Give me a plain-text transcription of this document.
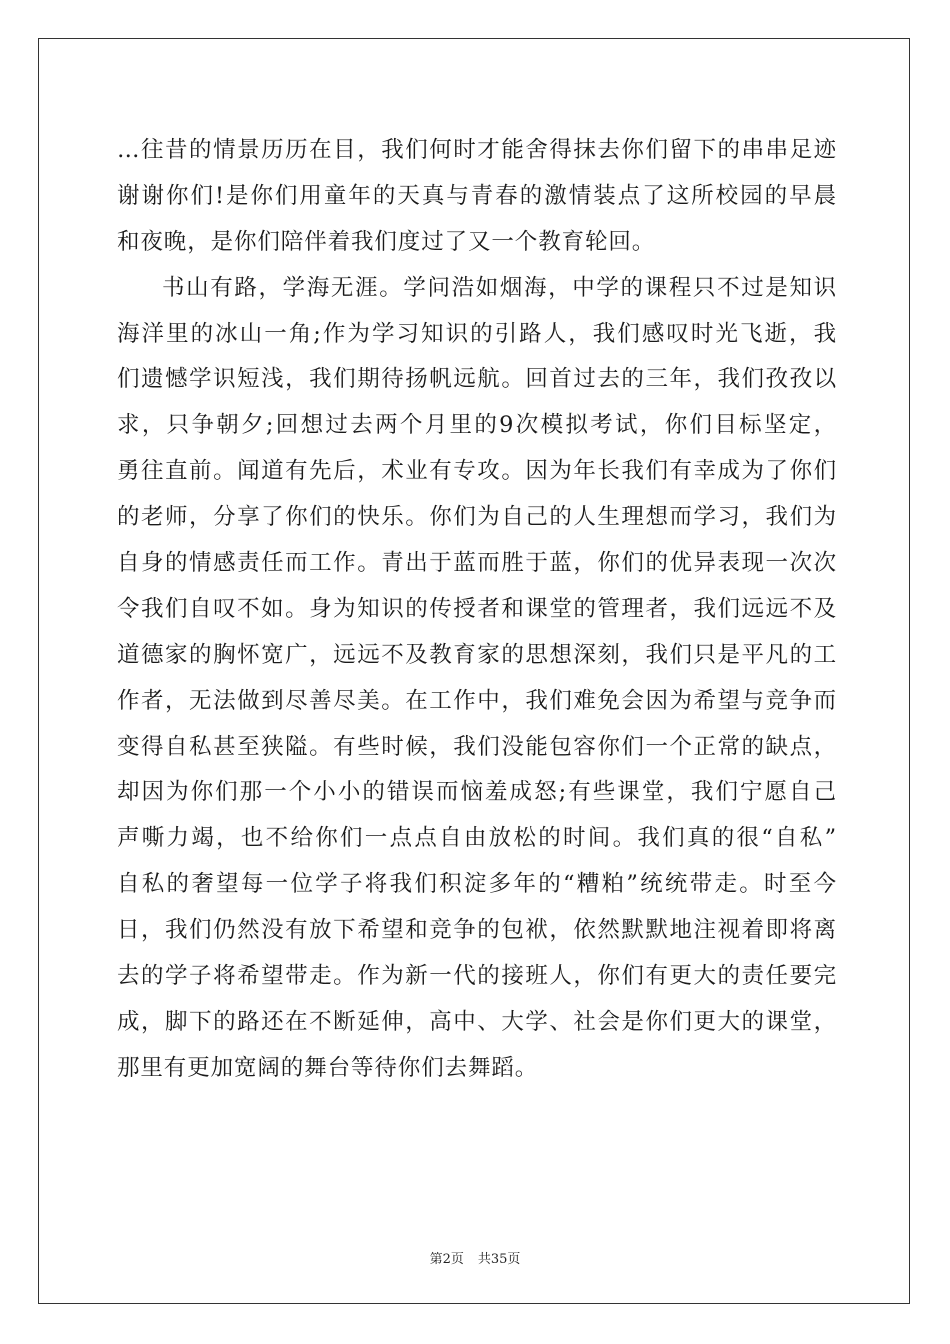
…往昔的情景历历在目，我们何时才能舍得抹去你们留下的串串足迹
谢谢你们!是你们用童年的天真与青春的激情装点了这所校园的早晨
和夜晚，是你们陪伴着我们度过了又一个教育轮回。
书山有路，学海无涯。学问浩如烟海，中学的课程只不过是知识
海洋里的冰山一角;作为学习知识的引路人，我们感叹时光飞逝，我
们遗憾学识短浅，我们期待扬帆远航。回首过去的三年，我们孜孜以
求，只争朝夕;回想过去两个月里的9次模拟考试，你们目标坚定，
勇往直前。闻道有先后，术业有专攻。因为年长我们有幸成为了你们
的老师，分享了你们的快乐。你们为自己的人生理想而学习，我们为
自身的情感责任而工作。青出于蓝而胜于蓝，你们的优异表现一次次
令我们自叹不如。身为知识的传授者和课堂的管理者，我们远远不及
道德家的胸怀宽广，远远不及教育家的思想深刻，我们只是平凡的工
作者，无法做到尽善尽美。在工作中，我们难免会因为希望与竞争而
变得自私甚至狭隘。有些时候，我们没能包容你们一个正常的缺点，
却因为你们那一个小小的错误而恼羞成怒;有些课堂，我们宁愿自己
声嘶力竭，也不给你们一点点自由放松的时间。我们真的很“自私”
自私的奢望每一位学子将我们积淀多年的“糟粕”统统带走。时至今
日，我们仍然没有放下希望和竞争的包袱，依然默默地注视着即将离
去的学子将希望带走。作为新一代的接班人，你们有更大的责任要完
成，脚下的路还在不断延伸，高中、大学、社会是你们更大的课堂，
那里有更加宽阔的舞台等待你们去舞蹈。
第2页 共35页
